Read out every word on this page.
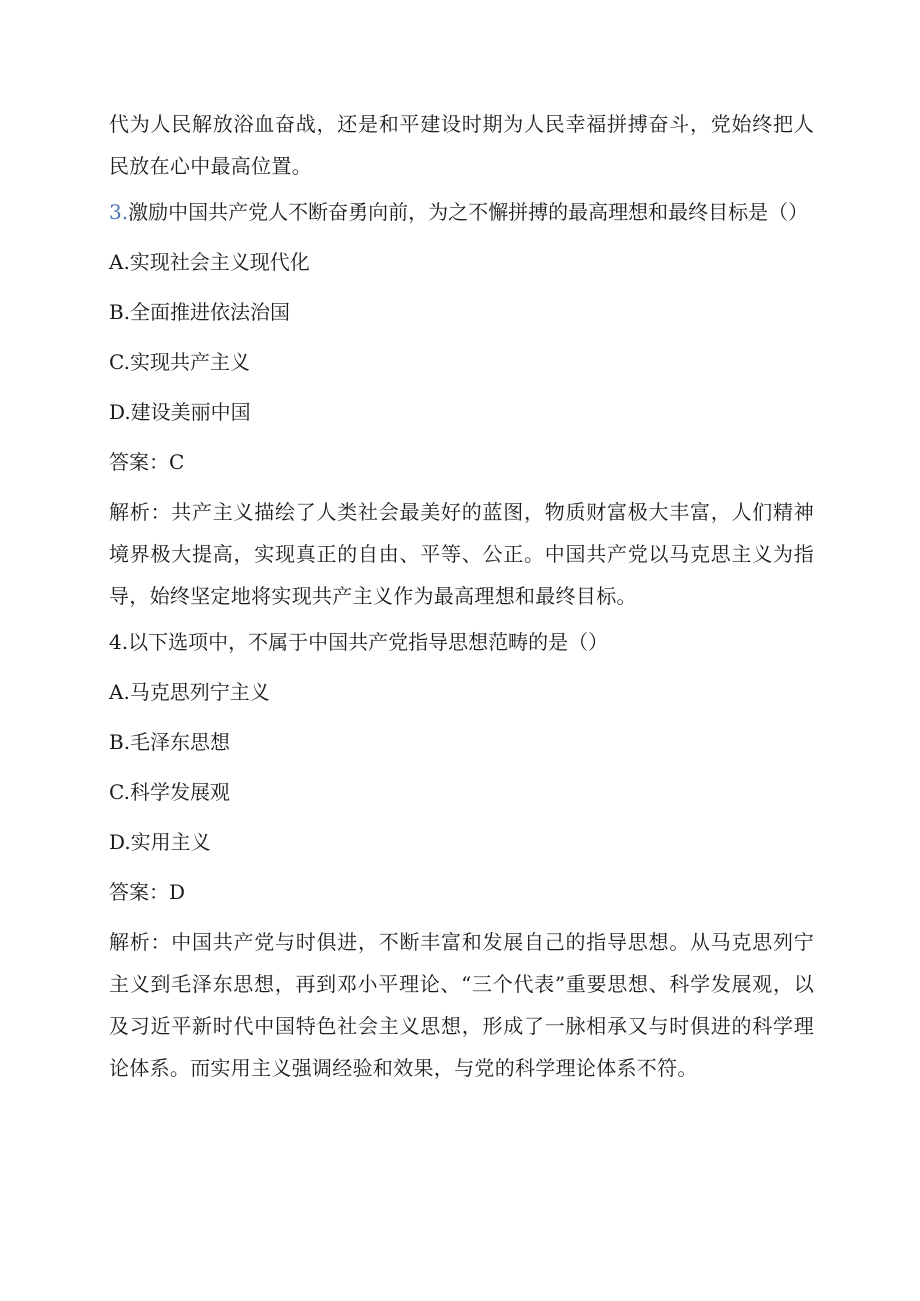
代为人民解放浴血奋战，还是和平建设时期为人民幸福拼搏奋斗，党始终把人民放在心中最高位置。

3.激励中国共产党人不断奋勇向前，为之不懈拼搏的最高理想和最终目标是（）

A.实现社会主义现代化

B.全面推进依法治国

C.实现共产主义

D.建设美丽中国

答案：C

解析：共产主义描绘了人类社会最美好的蓝图，物质财富极大丰富，人们精神境界极大提高，实现真正的自由、平等、公正。中国共产党以马克思主义为指导，始终坚定地将实现共产主义作为最高理想和最终目标。

4.以下选项中，不属于中国共产党指导思想范畴的是（）

A.马克思列宁主义

B.毛泽东思想

C.科学发展观

D.实用主义

答案：D

解析：中国共产党与时俱进，不断丰富和发展自己的指导思想。从马克思列宁主义到毛泽东思想，再到邓小平理论、“三个代表”重要思想、科学发展观，以及习近平新时代中国特色社会主义思想，形成了一脉相承又与时俱进的科学理论体系。而实用主义强调经验和效果，与党的科学理论体系不符。
